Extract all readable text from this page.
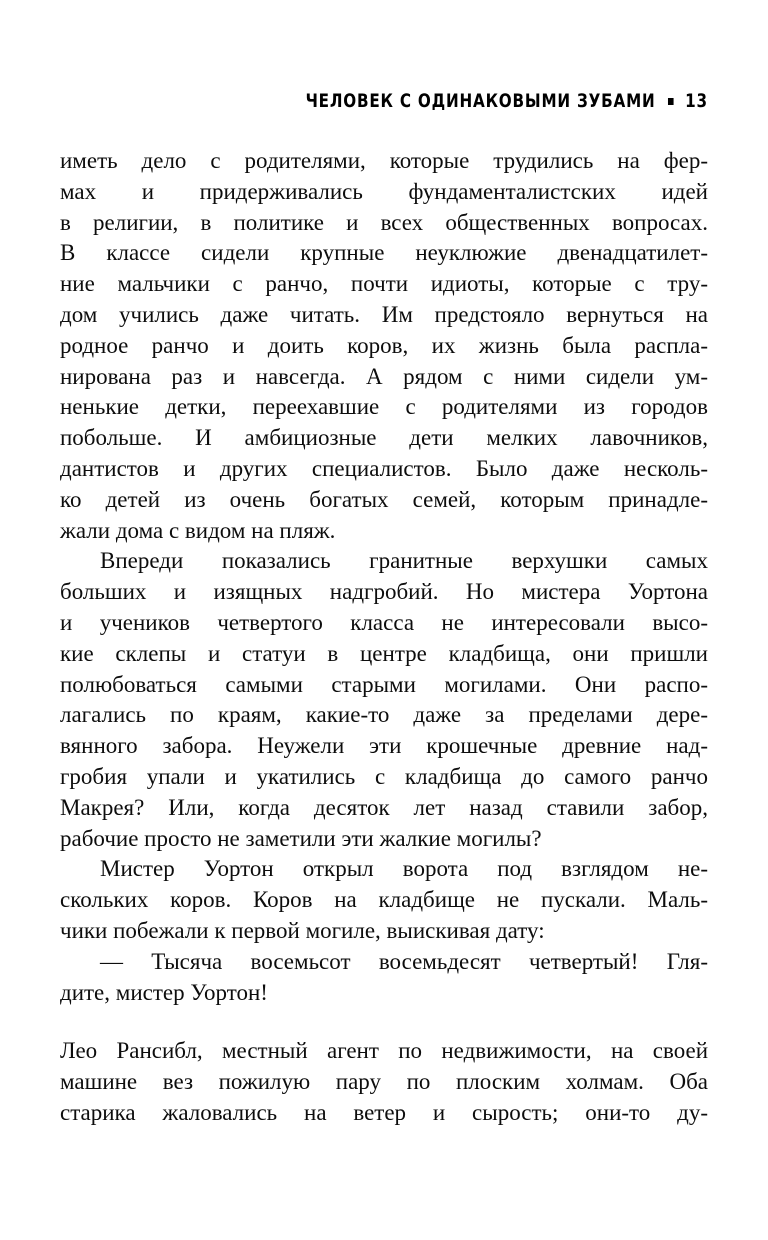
ЧЕЛОВЕК С ОДИНАКОВЫМИ ЗУБАМИ 13
иметь дело с родителями, которые трудились на фер-
мах и придерживались фундаменталистских идей
в религии, в политике и всех общественных вопросах.
В классе сидели крупные неуклюжие двенадцатилет-
ние мальчики с ранчо, почти идиоты, которые с тру-
дом учились даже читать. Им предстояло вернуться на
родное ранчо и доить коров, их жизнь была распла-
нирована раз и навсегда. А рядом с ними сидели ум-
ненькие детки, переехавшие с родителями из городов
побольше. И амбициозные дети мелких лавочников,
дантистов и других специалистов. Было даже несколь-
ко детей из очень богатых семей, которым принадле-
жали дома с видом на пляж.
Впереди показались гранитные верхушки самых
больших и изящных надгробий. Но мистера Уортона
и учеников четвертого класса не интересовали высо-
кие склепы и статуи в центре кладбища, они пришли
полюбоваться самыми старыми могилами. Они распо-
лагались по краям, какие-то даже за пределами дере-
вянного забора. Неужели эти крошечные древние над-
гробия упали и укатились с кладбища до самого ранчо
Макрея? Или, когда десяток лет назад ставили забор,
рабочие просто не заметили эти жалкие могилы?
Мистер Уортон открыл ворота под взглядом не-
скольких коров. Коров на кладбище не пускали. Маль-
чики побежали к первой могиле, выискивая дату:
— Тысяча восемьсот восемьдесят четвертый! Гля-
дите, мистер Уортон!
Лео Рансибл, местный агент по недвижимости, на своей
машине вез пожилую пару по плоским холмам. Оба
старика жаловались на ветер и сырость; они-то ду-
